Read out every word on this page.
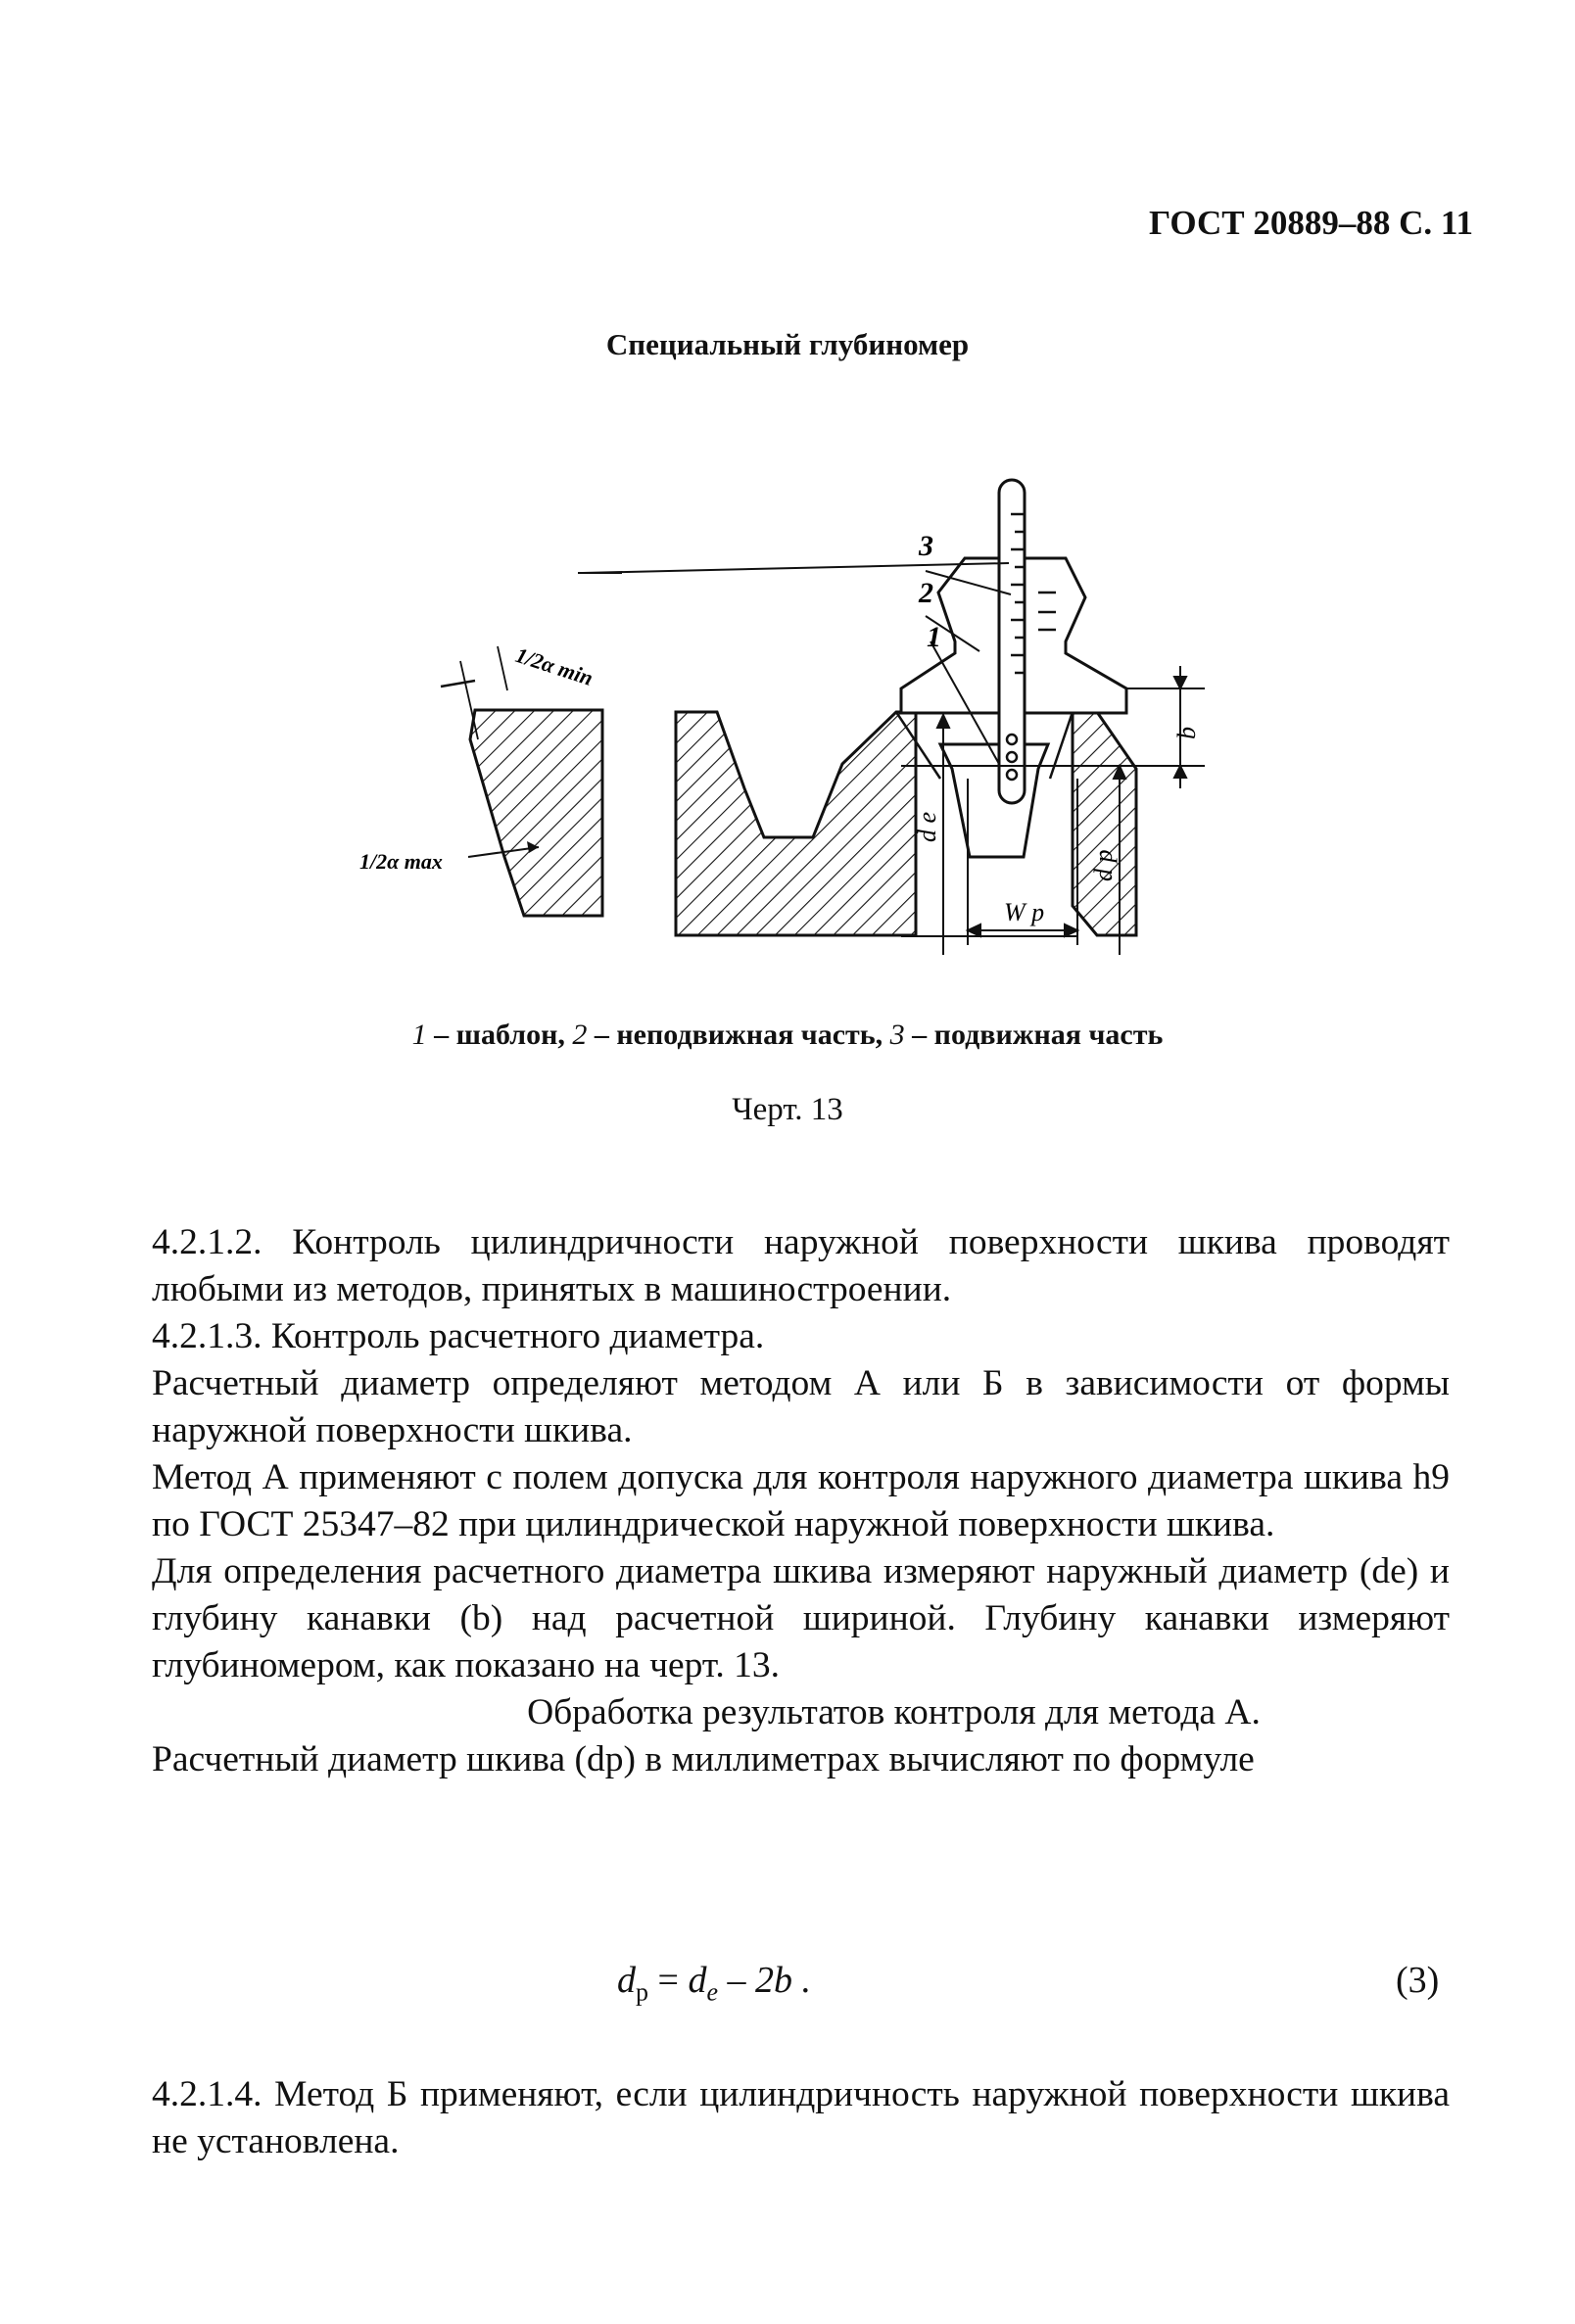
ГОСТ 20889–88 С. 11
Специальный глубиномер
1/2α min
1/2α max
3
2
1
b
d e
d p
W p
1 – шаблон, 2 – неподвижная часть, 3 – подвижная часть
Черт. 13

4.2.1.2. Контроль цилиндричности наружной поверхности шкива проводят любыми из методов, принятых в машиностроении.

4.2.1.3. Контроль расчетного диаметра.

Расчетный диаметр определяют методом А или Б в зависимости от формы наружной поверхности шкива.

Метод А применяют с полем допуска для контроля наружного диаметра шкива h9 по ГОСТ 25347–82 при цилиндрической наружной поверхности шкива.

Для определения расчетного диаметра шкива измеряют наружный диаметр (de) и глубину канавки (b) над расчетной шириной. Глубину канавки измеряют глубиномером, как показано на черт. 13.

Обработка результатов контроля для метода А.

Расчетный диаметр шкива (dp) в миллиметрах вычисляют по формуле

$d_p = d_e - 2b$ .	(3)

4.2.1.4. Метод Б применяют, если цилиндричность наружной поверхности шкива не установлена.
